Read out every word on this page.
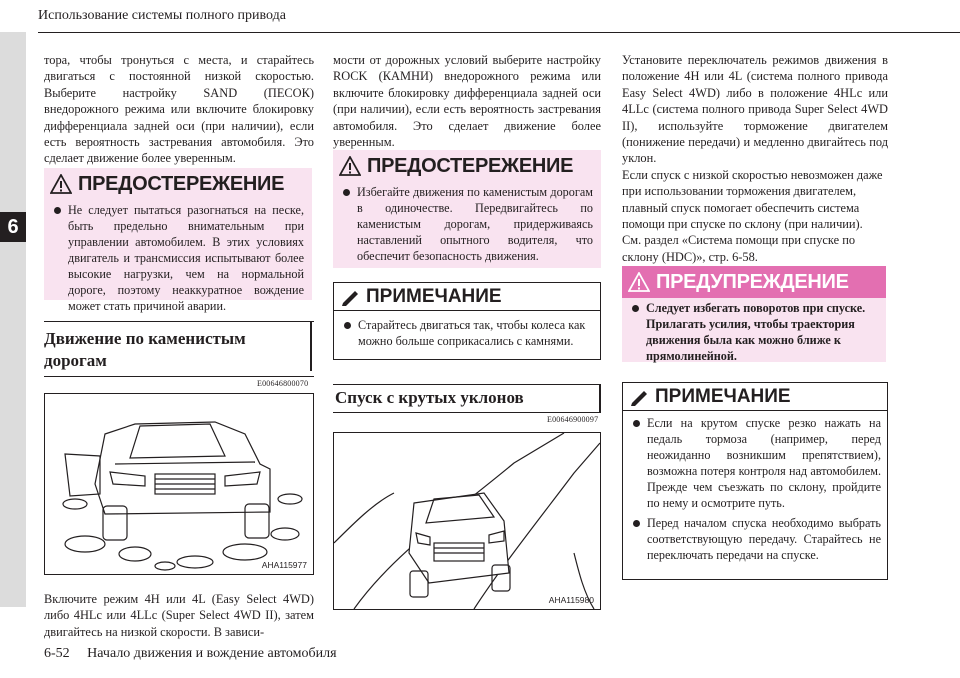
Использование системы полного привода
6

тора, чтобы тронуться с места, и старайтесь двигаться с постоянной низкой скоростью. Выберите настройку SAND (ПЕСОК) внедорожного режима или включите блокировку дифференциала задней оси (при наличии), если есть вероятность застревания автомобиля. Это сделает движение более уверенным.

ПРЕДОСТЕРЕЖЕНИЕ
Не следует пытаться разогнаться на песке, быть предельно внимательным при управлении автомобилем. В этих условиях двигатель и трансмиссия испытывают более высокие нагрузки, чем на нормальной дороге, поэтому неаккуратное вождение может стать причиной аварии.
Движение по каменистым дорогам
E00646800070
AHA115977

Включите режим 4H или 4L (Easy Select 4WD) либо 4HLc или 4LLc (Super Select 4WD II), затем двигайтесь на низкой скорости. В зависи-

мости от дорожных условий выберите настройку ROCK (КАМНИ) внедорожного режима или включите блокировку дифференциала задней оси (при наличии), если есть вероятность застревания автомобиля. Это сделает движение более уверенным.

ПРЕДОСТЕРЕЖЕНИЕ
Избегайте движения по каменистым дорогам в одиночестве. Передвигайтесь по каменистым дорогам, придерживаясь наставлений опытного водителя, что обеспечит безопасность движения.
ПРИМЕЧАНИЕ
Старайтесь двигаться так, чтобы колеса как можно больше соприкасались с камнями.
Спуск с крутых уклонов
E00646900097
AHA115980

Установите переключатель режимов движения в положение 4H или 4L (система полного привода Easy Select 4WD) либо в положение 4HLc или 4LLc (система полного привода Super Select 4WD II), используйте торможение двигателем (понижение передачи) и медленно двигайтесь под уклон.

Если спуск с низкой скоростью невозможен даже при использовании торможения двигателем, плавный спуск помогает обеспечить система помощи при спуске по склону (при наличии).

См. раздел «Система помощи при спуске по склону (HDC)», стр. 6-58.

ПРЕДУПРЕЖДЕНИЕ
Следует избегать поворотов при спуске. Прилагать усилия, чтобы траектория движения была как можно ближе к прямолинейной.
ПРИМЕЧАНИЕ
Если на крутом спуске резко нажать на педаль тормоза (например, перед неожиданно возникшим препятствием), возможна потеря контроля над автомобилем. Прежде чем съезжать по склону, пройдите по нему и осмотрите путь.
Перед началом спуска необходимо выбрать соответствующую передачу. Старайтесь не переключать передачи на спуске.
6-52 Начало движения и вождение автомобиля
